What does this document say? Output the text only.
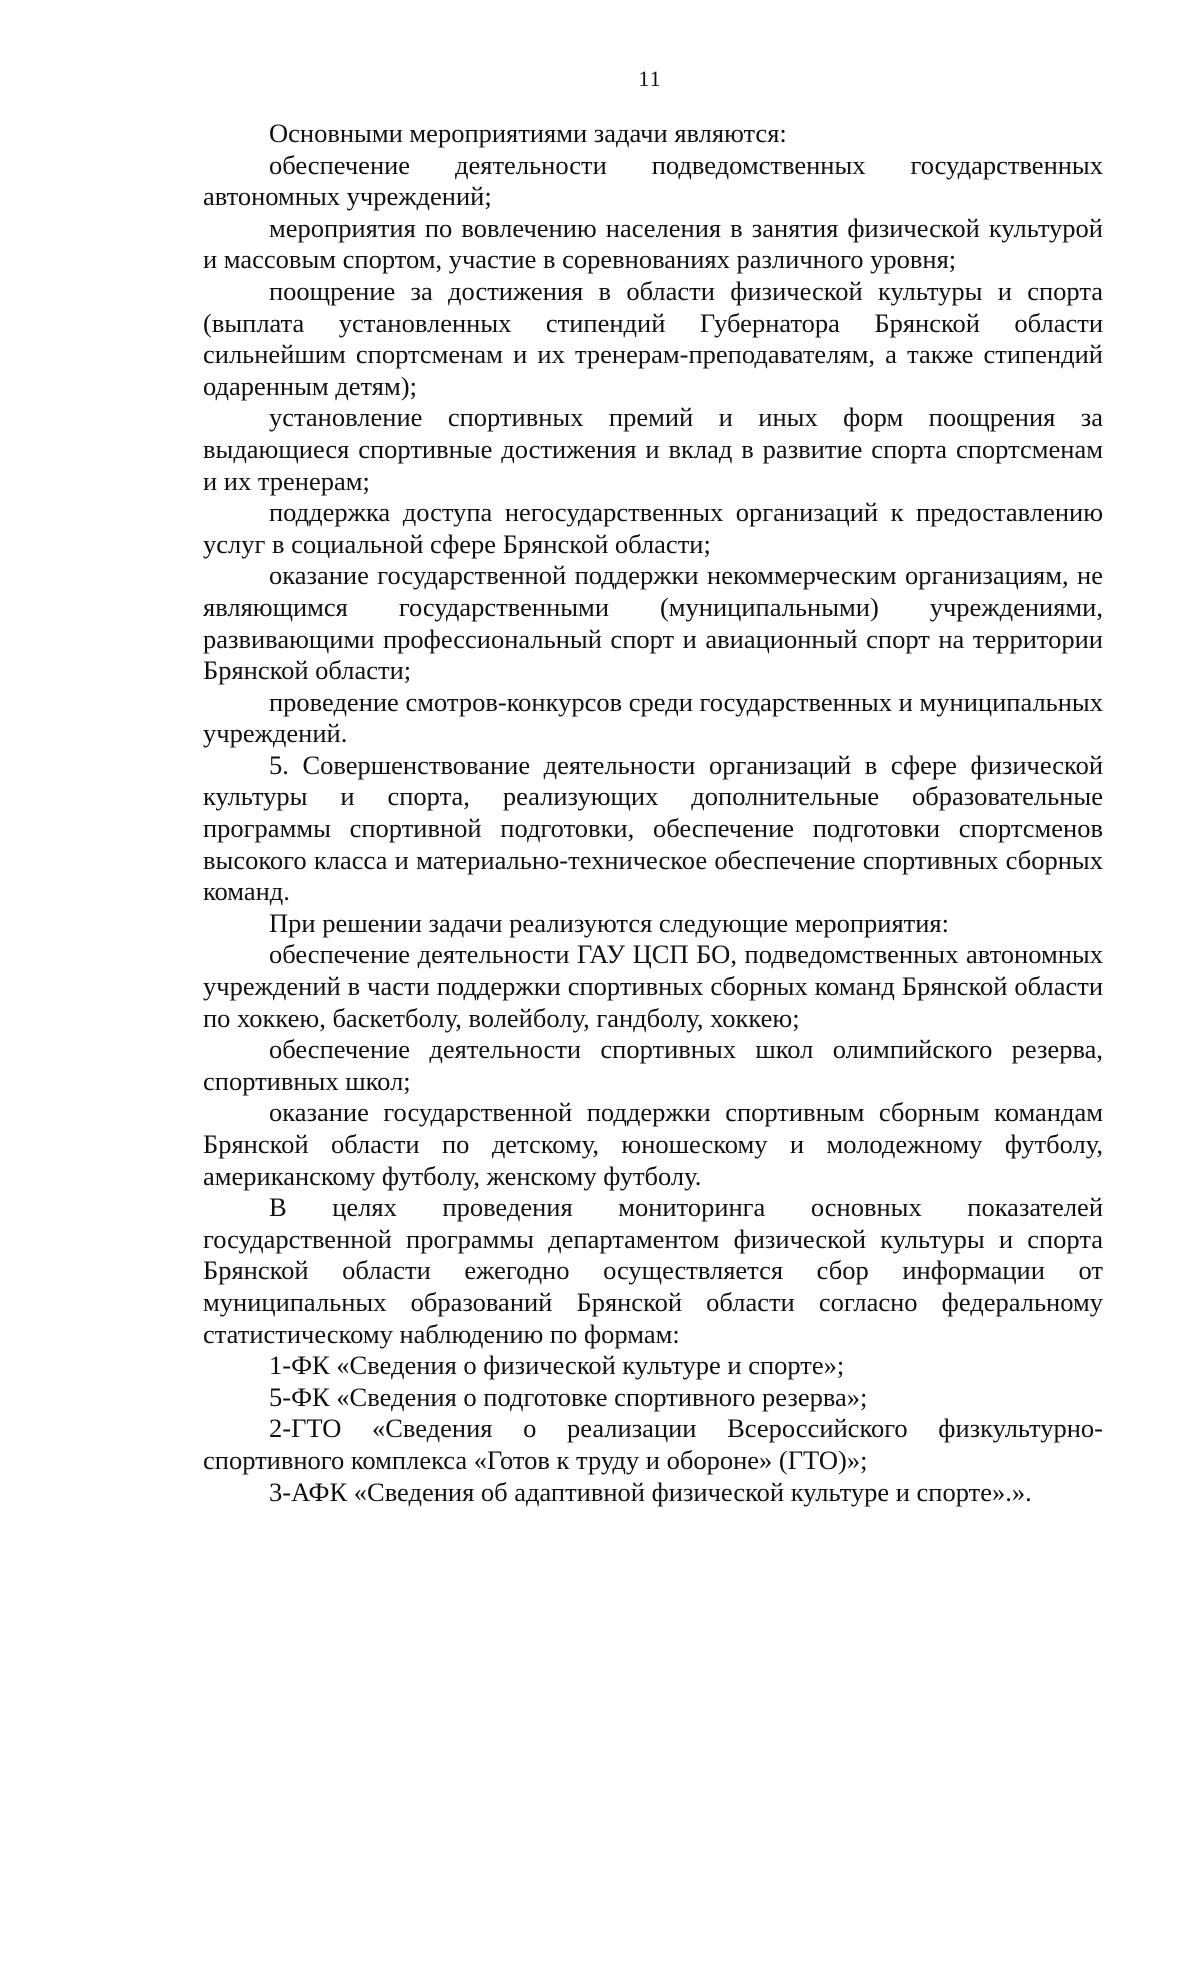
11

Основными мероприятиями задачи являются:

обеспечение деятельности подведомственных государственных автономных учреждений;

мероприятия по вовлечению населения в занятия физической культурой и массовым спортом, участие в соревнованиях различного уровня;

поощрение за достижения в области физической культуры и спорта (выплата установленных стипендий Губернатора Брянской области сильнейшим спортсменам и их тренерам-преподавателям, а также стипендий одаренным детям);

установление спортивных премий и иных форм поощрения за выдающиеся спортивные достижения и вклад в развитие спорта спортсменам и их тренерам;

поддержка доступа негосударственных организаций к предоставлению услуг в социальной сфере Брянской области;

оказание государственной поддержки некоммерческим организациям, не являющимся государственными (муниципальными) учреждениями, развивающими профессиональный спорт и авиационный спорт на территории Брянской области;

проведение смотров-конкурсов среди государственных и муниципальных учреждений.

5. Совершенствование деятельности организаций в сфере физической культуры и спорта, реализующих дополнительные образовательные программы спортивной подготовки, обеспечение подготовки спортсменов высокого класса и материально-техническое обеспечение спортивных сборных команд.

При решении задачи реализуются следующие мероприятия:

обеспечение деятельности ГАУ ЦСП БО, подведомственных автономных учреждений в части поддержки спортивных сборных команд Брянской области по хоккею, баскетболу, волейболу, гандболу, хоккею;

обеспечение деятельности спортивных школ олимпийского резерва, спортивных школ;

оказание государственной поддержки спортивным сборным командам Брянской области по детскому, юношескому и молодежному футболу, американскому футболу, женскому футболу.

В целях проведения мониторинга основных показателей государственной программы департаментом физической культуры и спорта Брянской области ежегодно осуществляется сбор информации от муниципальных образований Брянской области согласно федеральному статистическому наблюдению по формам:

1-ФК «Сведения о физической культуре и спорте»;

5-ФК «Сведения о подготовке спортивного резерва»;

2-ГТО «Сведения о реализации Всероссийского физкультурно-спортивного комплекса «Готов к труду и обороне» (ГТО)»;

3-АФК «Сведения об адаптивной физической культуре и спорте».».
